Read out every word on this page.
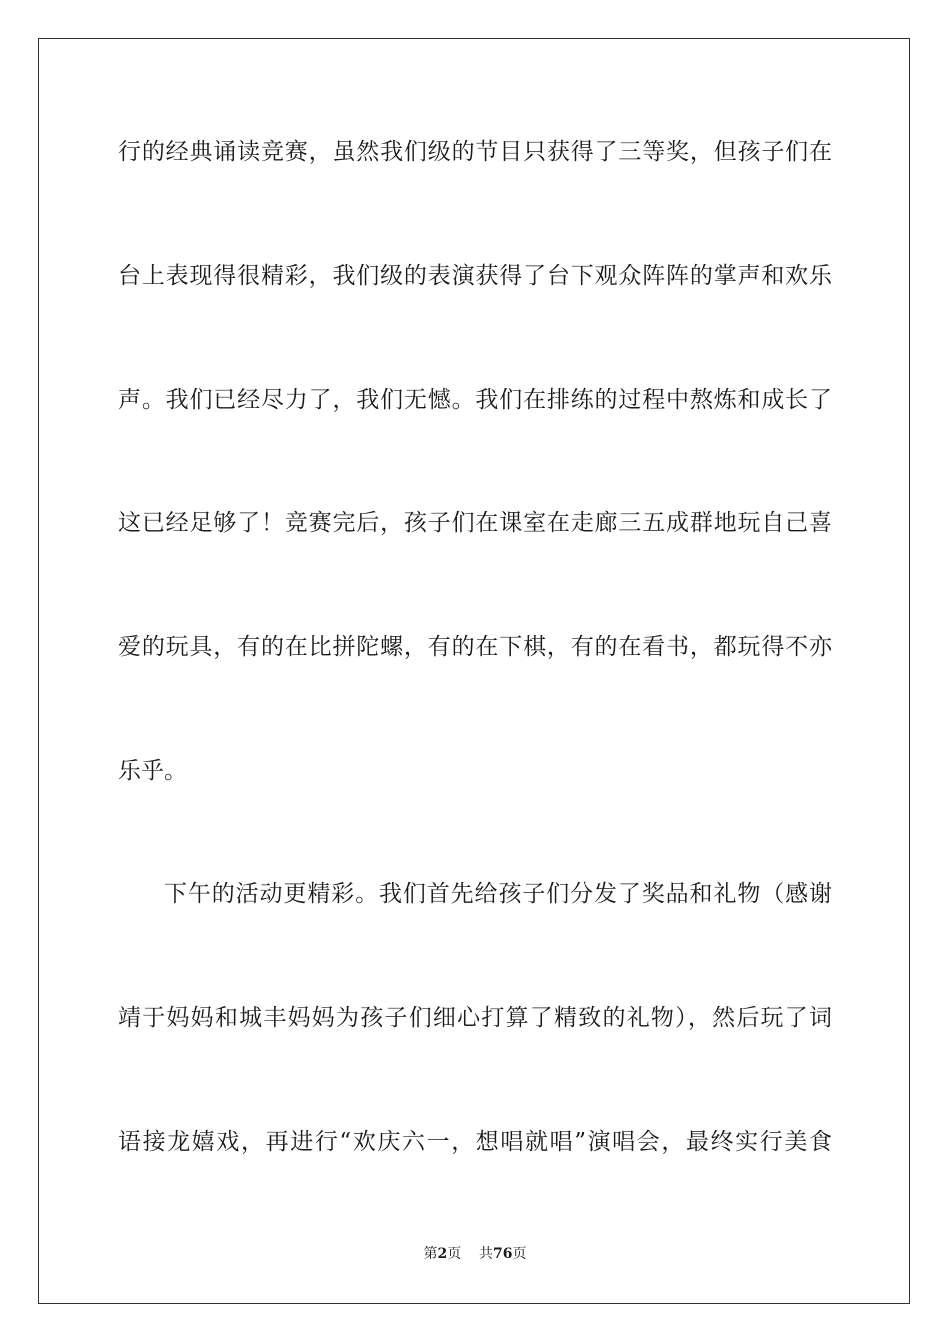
行的经典诵读竞赛，虽然我们级的节目只获得了三等奖，但孩子们在
台上表现得很精彩，我们级的表演获得了台下观众阵阵的掌声和欢乐
声。我们已经尽力了，我们无憾。我们在排练的过程中熬炼和成长了
这已经足够了！竞赛完后，孩子们在课室在走廊三五成群地玩自己喜
爱的玩具，有的在比拼陀螺，有的在下棋，有的在看书，都玩得不亦
乐乎。
下午的活动更精彩。我们首先给孩子们分发了奖品和礼物（感谢
靖于妈妈和城丰妈妈为孩子们细心打算了精致的礼物），然后玩了词
语接龙嬉戏，再进行“欢庆六一，想唱就唱”演唱会，最终实行美食
第2页 共76页
